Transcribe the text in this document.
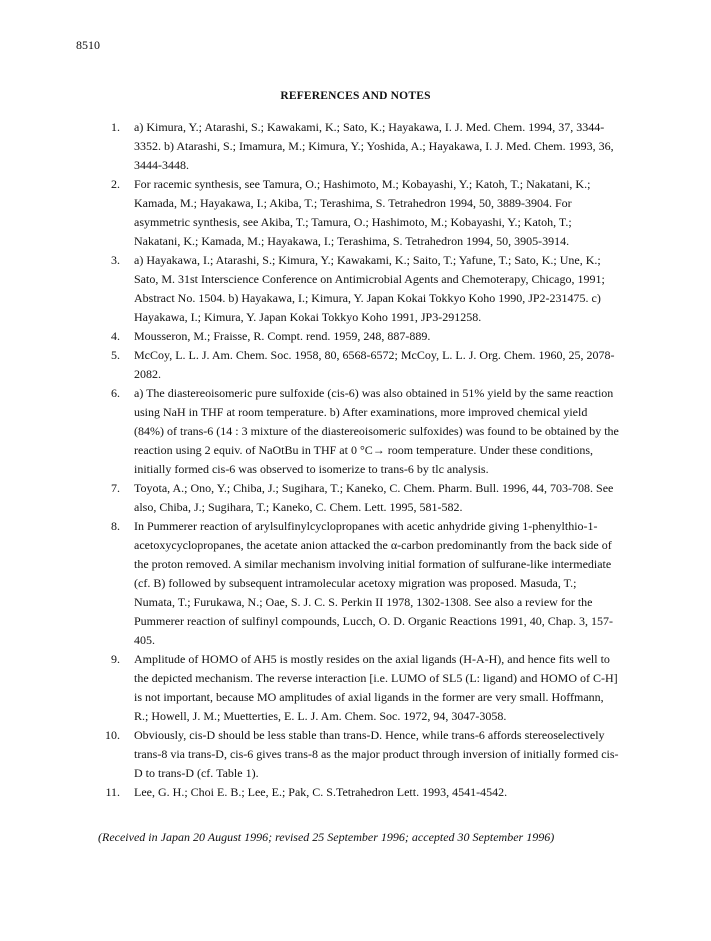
8510
REFERENCES AND NOTES
1. a) Kimura, Y.; Atarashi, S.; Kawakami, K.; Sato, K.; Hayakawa, I. J. Med. Chem. 1994, 37, 3344-3352. b) Atarashi, S.; Imamura, M.; Kimura, Y.; Yoshida, A.; Hayakawa, I. J. Med. Chem. 1993, 36, 3444-3448.
2. For racemic synthesis, see Tamura, O.; Hashimoto, M.; Kobayashi, Y.; Katoh, T.; Nakatani, K.; Kamada, M.; Hayakawa, I.; Akiba, T.; Terashima, S. Tetrahedron 1994, 50, 3889-3904. For asymmetric synthesis, see Akiba, T.; Tamura, O.; Hashimoto, M.; Kobayashi, Y.; Katoh, T.; Nakatani, K.; Kamada, M.; Hayakawa, I.; Terashima, S. Tetrahedron 1994, 50, 3905-3914.
3. a) Hayakawa, I.; Atarashi, S.; Kimura, Y.; Kawakami, K.; Saito, T.; Yafune, T.; Sato, K.; Une, K.; Sato, M. 31st Interscience Conference on Antimicrobial Agents and Chemoterapy, Chicago, 1991; Abstract No. 1504. b) Hayakawa, I.; Kimura, Y. Japan Kokai Tokkyo Koho 1990, JP2-231475. c) Hayakawa, I.; Kimura, Y. Japan Kokai Tokkyo Koho 1991, JP3-291258.
4. Mousseron, M.; Fraisse, R. Compt. rend. 1959, 248, 887-889.
5. McCoy, L. L. J. Am. Chem. Soc. 1958, 80, 6568-6572; McCoy, L. L. J. Org. Chem. 1960, 25, 2078-2082.
6. a) The diastereoisomeric pure sulfoxide (cis-6) was also obtained in 51% yield by the same reaction using NaH in THF at room temperature. b) After examinations, more improved chemical yield (84%) of trans-6 (14 : 3 mixture of the diastereoisomeric sulfoxides) was found to be obtained by the reaction using 2 equiv. of NaOtBu in THF at 0 °C→ room temperature. Under these conditions, initially formed cis-6 was observed to isomerize to trans-6 by tlc analysis.
7. Toyota, A.; Ono, Y.; Chiba, J.; Sugihara, T.; Kaneko, C. Chem. Pharm. Bull. 1996, 44, 703-708. See also, Chiba, J.; Sugihara, T.; Kaneko, C. Chem. Lett. 1995, 581-582.
8. In Pummerer reaction of arylsulfinylcyclopropanes with acetic anhydride giving 1-phenylthio-1-acetoxycyclopropanes, the acetate anion attacked the α-carbon predominantly from the back side of the proton removed. A similar mechanism involving initial formation of sulfurane-like intermediate (cf. B) followed by subsequent intramolecular acetoxy migration was proposed. Masuda, T.; Numata, T.; Furukawa, N.; Oae, S. J. C. S. Perkin II 1978, 1302-1308. See also a review for the Pummerer reaction of sulfinyl compounds, Lucch, O. D. Organic Reactions 1991, 40, Chap. 3, 157-405.
9. Amplitude of HOMO of AH5 is mostly resides on the axial ligands (H-A-H), and hence fits well to the depicted mechanism. The reverse interaction [i.e. LUMO of SL5 (L: ligand) and HOMO of C-H] is not important, because MO amplitudes of axial ligands in the former are very small. Hoffmann, R.; Howell, J. M.; Muetterties, E. L. J. Am. Chem. Soc. 1972, 94, 3047-3058.
10. Obviously, cis-D should be less stable than trans-D. Hence, while trans-6 affords stereoselectively trans-8 via trans-D, cis-6 gives trans-8 as the major product through inversion of initially formed cis-D to trans-D (cf. Table 1).
11. Lee, G. H.; Choi E. B.; Lee, E.; Pak, C. S.Tetrahedron Lett. 1993, 4541-4542.
(Received in Japan 20 August 1996; revised 25 September 1996; accepted 30 September 1996)
